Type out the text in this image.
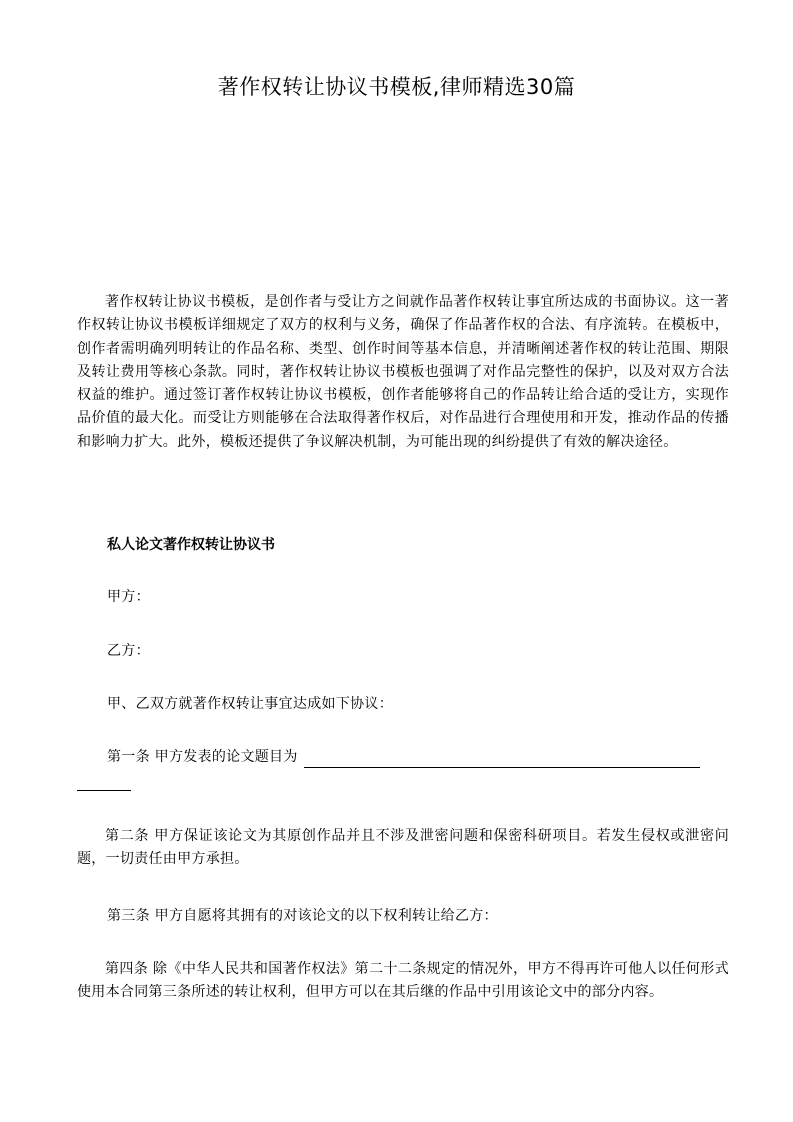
著作权转让协议书模板,律师精选30篇
著作权转让协议书模板，是创作者与受让方之间就作品著作权转让事宜所达成的书面协议。这一著作权转让协议书模板详细规定了双方的权利与义务，确保了作品著作权的合法、有序流转。在模板中，创作者需明确列明转让的作品名称、类型、创作时间等基本信息，并清晰阐述著作权的转让范围、期限及转让费用等核心条款。同时，著作权转让协议书模板也强调了对作品完整性的保护，以及对双方合法权益的维护。通过签订著作权转让协议书模板，创作者能够将自己的作品转让给合适的受让方，实现作品价值的最大化。而受让方则能够在合法取得著作权后，对作品进行合理使用和开发，推动作品的传播和影响力扩大。此外，模板还提供了争议解决机制，为可能出现的纠纷提供了有效的解决途径。
私人论文著作权转让协议书
甲方：
乙方：
甲、乙双方就著作权转让事宜达成如下协议：
第一条 甲方发表的论文题目为
第二条 甲方保证该论文为其原创作品并且不涉及泄密问题和保密科研项目。若发生侵权或泄密问题，一切责任由甲方承担。
第三条 甲方自愿将其拥有的对该论文的以下权利转让给乙方：
第四条 除《中华人民共和国著作权法》第二十二条规定的情况外，甲方不得再许可他人以任何形式使用本合同第三条所述的转让权利，但甲方可以在其后继的作品中引用该论文中的部分内容。
